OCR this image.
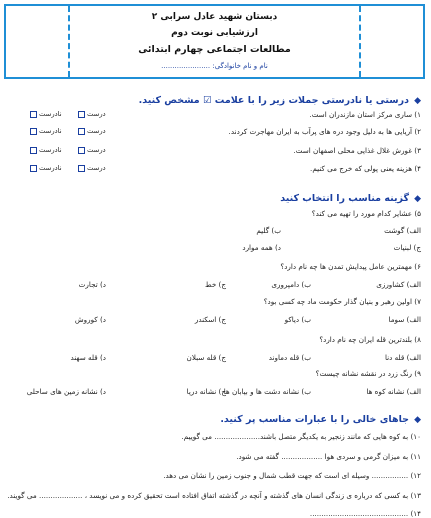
دبستان شهید عادل سرابی ۲
ارزشیابی نوبت دوم
مطالعات اجتماعی چهارم ابتدائی
نام و نام خانوادگی: ......................
◆ درستی یا نادرستی جملات زیر را با علامت ☑ مشخص کنید.
۱) ساری مرکز استان مازندران است.
درست
نادرست
۲) آریایی ها به دلیل وجود دره های پرآب به ایران مهاجرت کردند.
درست
نادرست
۳) غورش غلال غذایی محلی اصفهان است.
درست
نادرست
۴) هزینه یعنی پولی که خرج می کنیم.
درست
نادرست
◆ گزینه مناسب را انتخاب کنید
۵) عشایر کدام مورد را تهیه می کند؟
الف) گوشت
ب) گلیم
ج) لبنیات
د) همه موارد
۶) مهمترین عامل پیدایش تمدن ها چه نام دارد؟
الف) کشاورزی
ب) دامپروری
ج) خط
د) تجارت
۷) اولین رهبر و بنیان گذار حکومت ماد چه کسی بود؟
الف) سوما
ب) دیاکو
ج) اسکندر
د) کوروش
۸) بلندترین قله ایران چه نام دارد؟
الف) قله دنا
ب) قله دماوند
ج) قله سبلان
د) قله سهند
۹) رنگ زرد در نقشه نشانه چیست؟
الف) نشانه کوه ها
ب) نشانه دشت ها و بیابان ها
ج) نشانه دریا
د) نشانه زمین های ساحلی
◆ جاهای خالی را با عبارات مناسب پر کنید.
۱۰) به کوه هایی که مانند زنجیر به یکدیگر متصل باشند.................... می گوییم.
۱۱) به میزان گرمی و سردی هوا .................. گفته می شود.
۱۲) ................ وسیله ای است که جهت قطب شمال و جنوب زمین را نشان می دهد.
۱۳) به کسی که درباره ی زندگی انسان های گذشته و آنچه در گذشته اتفاق افتاده است تحقیق کرده و می نویسد ، ................... می گویند.
۱۴) ...........................................
